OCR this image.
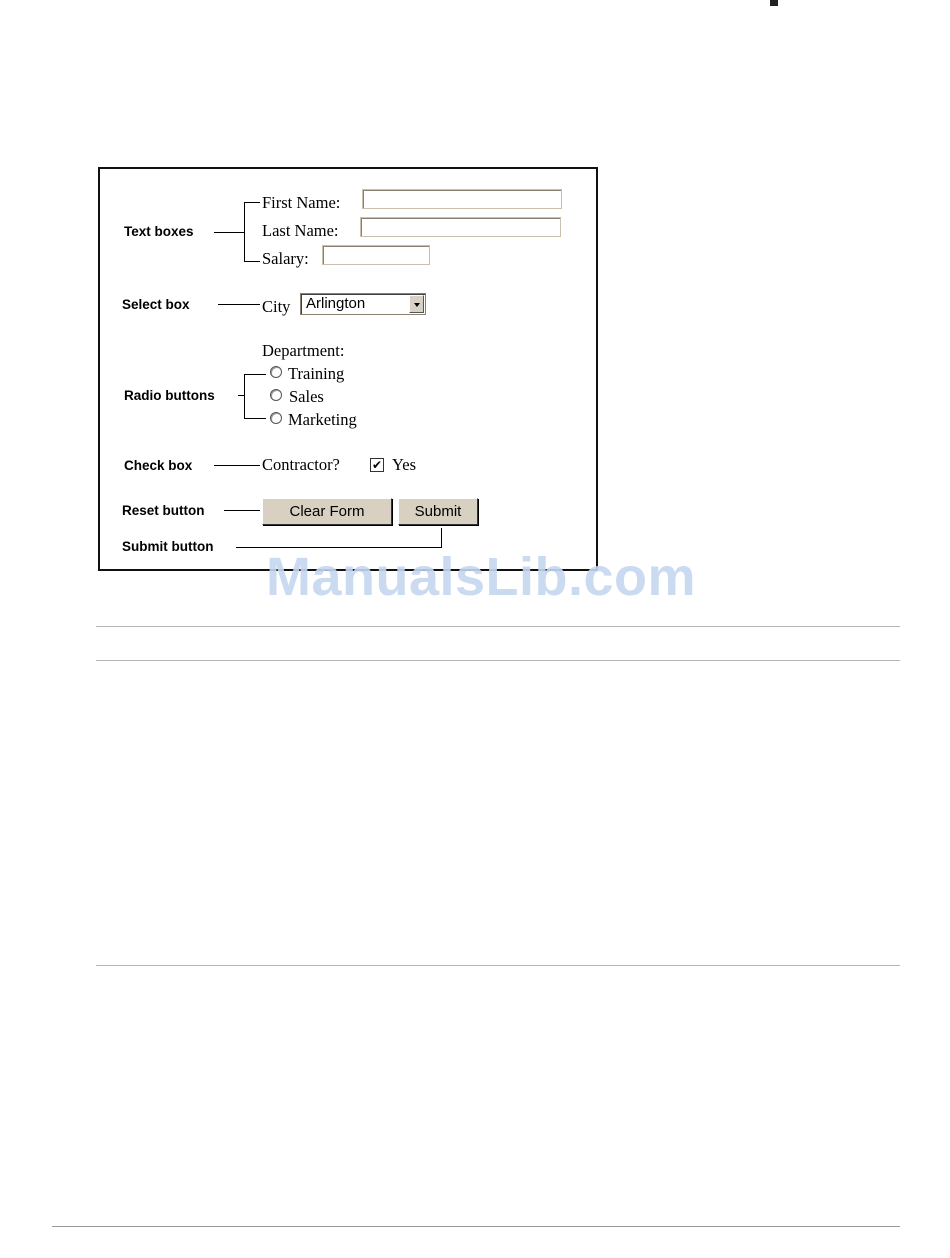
Text boxes
Select box
Radio buttons
Check box
Reset button
Submit button
First Name:
Last Name:
Salary:
City	Arlington
Department:
Training
Sales
Marketing
Contractor?	✔ Yes
Clear Form	Submit
ManualsLib.com
